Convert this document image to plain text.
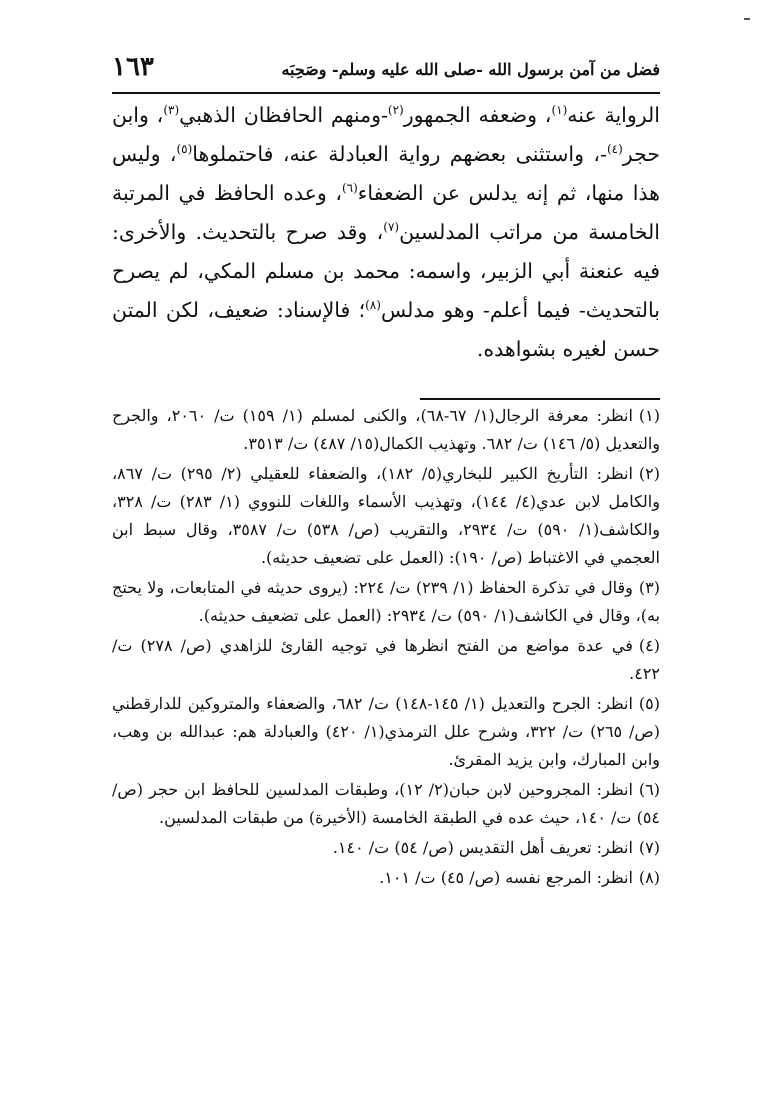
فضل من آمن برسول الله -صلى الله عليه وسلم- وصَحِبَه
١٦٣

الرواية عنه$^{(١)}$، وضعفه الجمهور$^{(٢)}$-ومنهم الحافظان الذهبي$^{(٣)}$، وابن حجر$^{(٤)}$-، واستثنى بعضهم رواية العبادلة عنه، فاحتملوها$^{(٥)}$، وليس هذا منها، ثم إنه يدلس عن الضعفاء$^{(٦)}$، وعده الحافظ في المرتبة الخامسة من مراتب المدلسين$^{(٧)}$، وقد صرح بالتحديث. والأخرى: فيه عنعنة أبي الزبير، واسمه: محمد بن مسلم المكي، لم يصرح بالتحديث- فيما أعلم- وهو مدلس$^{(٨)}$؛ فالإسناد: ضعيف، لكن المتن حسن لغيره بشواهده.

(١)انظر: معرفة الرجال(١/ ٦٧-٦٨)، والكنى لمسلم (١/ ١٥٩) ت/ ٢٠٦٠، والجرح والتعديل (٥/ ١٤٦) ت/ ٦٨٢. وتهذيب الكمال(١٥/ ٤٨٧) ت/ ٣٥١٣.

(٢)انظر: التأريخ الكبير للبخاري(٥/ ١٨٢)، والضعفاء للعقيلي (٢/ ٢٩٥) ت/ ٨٦٧، والكامل لابن عدي(٤/ ١٤٤)، وتهذيب الأسماء واللغات للنووي (١/ ٢٨٣) ت/ ٣٢٨، والكاشف(١/ ٥٩٠) ت/ ٢٩٣٤، والتقريب (ص/ ٥٣٨) ت/ ٣٥٨٧، وقال سبط ابن العجمي في الاغتباط (ص/ ١٩٠): (العمل على تضعيف حديثه).

(٣)وقال في تذكرة الحفاظ (١/ ٢٣٩) ت/ ٢٢٤: (يروى حديثه في المتابعات، ولا يحتج به)، وقال في الكاشف(١/ ٥٩٠) ت/ ٢٩٣٤: (العمل على تضعيف حديثه).

(٤)في عدة مواضع من الفتح انظرها في توجيه القارئ للزاهدي (ص/ ٢٧٨) ت/ ٤٢٢.

(٥)انظر: الجرح والتعديل (١/ ١٤٥-١٤٨) ت/ ٦٨٢، والضعفاء والمتروكين للدارقطني (ص/ ٢٦٥) ت/ ٣٢٢، وشرح علل الترمذي(١/ ٤٢٠) والعبادلة هم: عبدالله بن وهب، وابن المبارك، وابن يزيد المقرئ.

(٦)انظر: المجروحين لابن حبان(٢/ ١٢)، وطبقات المدلسين للحافظ ابن حجر (ص/ ٥٤) ت/ ١٤٠، حيث عده في الطبقة الخامسة (الأخيرة) من طبقات المدلسين.

(٧)انظر: تعريف أهل التقديس (ص/ ٥٤) ت/ ١٤٠.

(٨)انظر: المرجع نفسه (ص/ ٤٥) ت/ ١٠١.
